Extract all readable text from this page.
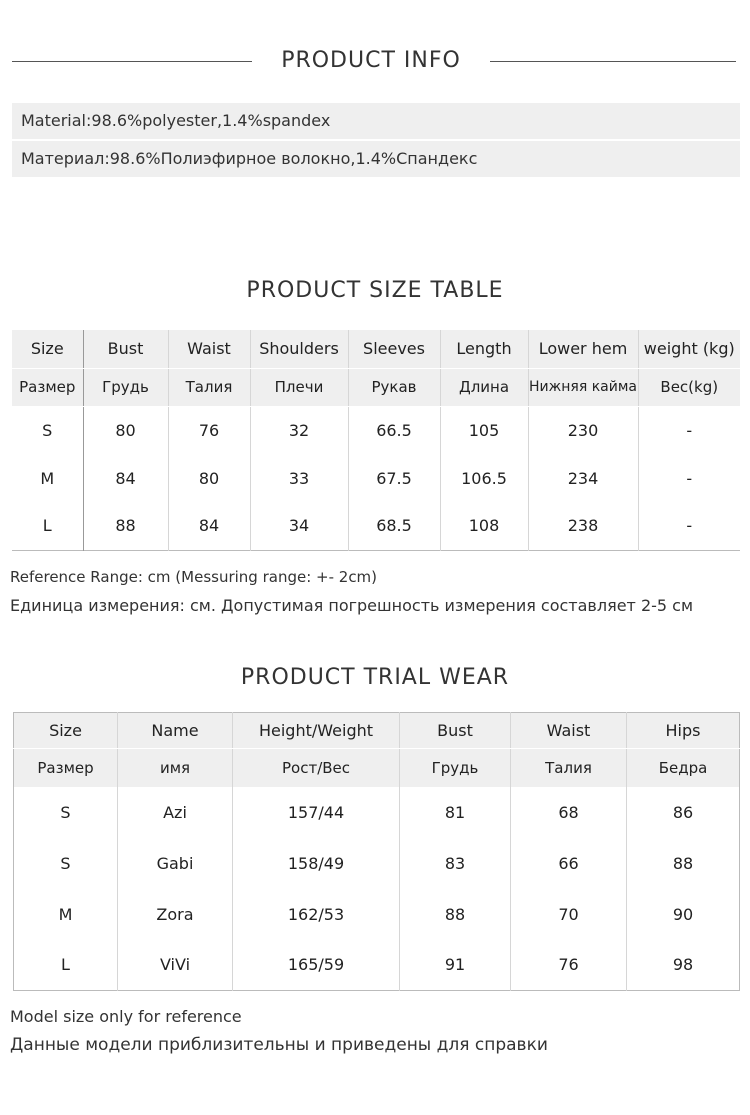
PRODUCT INFO
Material:98.6%polyester,1.4%spandex
Материал:98.6%Полиэфирное волокно,1.4%Спандекс
PRODUCT SIZE TABLE
Size	Bust	Waist	Shoulders	Sleeves	Length	Lower hem	weight (kg)
Размер	Грудь	Талия	Плечи	Рукав	Длина	Нижняя кайма	Вес(kg)
S	80	76	32	66.5	105	230	-
M	84	80	33	67.5	106.5	234	-
L	88	84	34	68.5	108	238	-
Reference Range: cm (Messuring range: +- 2cm)
Единица измерения: см. Допустимая погрешность измерения составляет 2-5 см
PRODUCT TRIAL WEAR
Size	Name	Height/Weight	Bust	Waist	Hips
Размер	имя	Рост/Вес	Грудь	Талия	Бедра
S	Azi	157/44	81	68	86
S	Gabi	158/49	83	66	88
M	Zora	162/53	88	70	90
L	ViVi	165/59	91	76	98
Model size only for reference
Данные модели приблизительны и приведены для справки
